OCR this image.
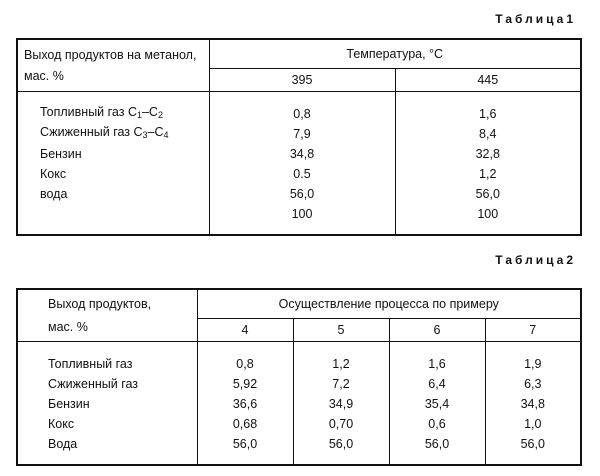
Таблица1
Выход продуктов на метанол,
мас. %	Температура, °С	
	395	445

Топливный газ $С_1-С_2$	0,8	1,6
Сжиженный газ $С_3-С_4$	7,9	8,4
Бензин	34,8	32,8
Кокс	0.5	1,2
вода	56,0	56,0
	100	100

Таблица2
Выход продуктов,
мас. %	Осуществление процесса по примеру			
	4	5	6	7

Топливный газ	0,8	1,2	1,6	1,9
Сжиженный газ	5,92	7,2	6,4	6,3
Бензин	36,6	34,9	35,4	34,8
Кокс	0,68	0,70	0,6	1,0
Вода	56,0	56,0	56,0	56,0
